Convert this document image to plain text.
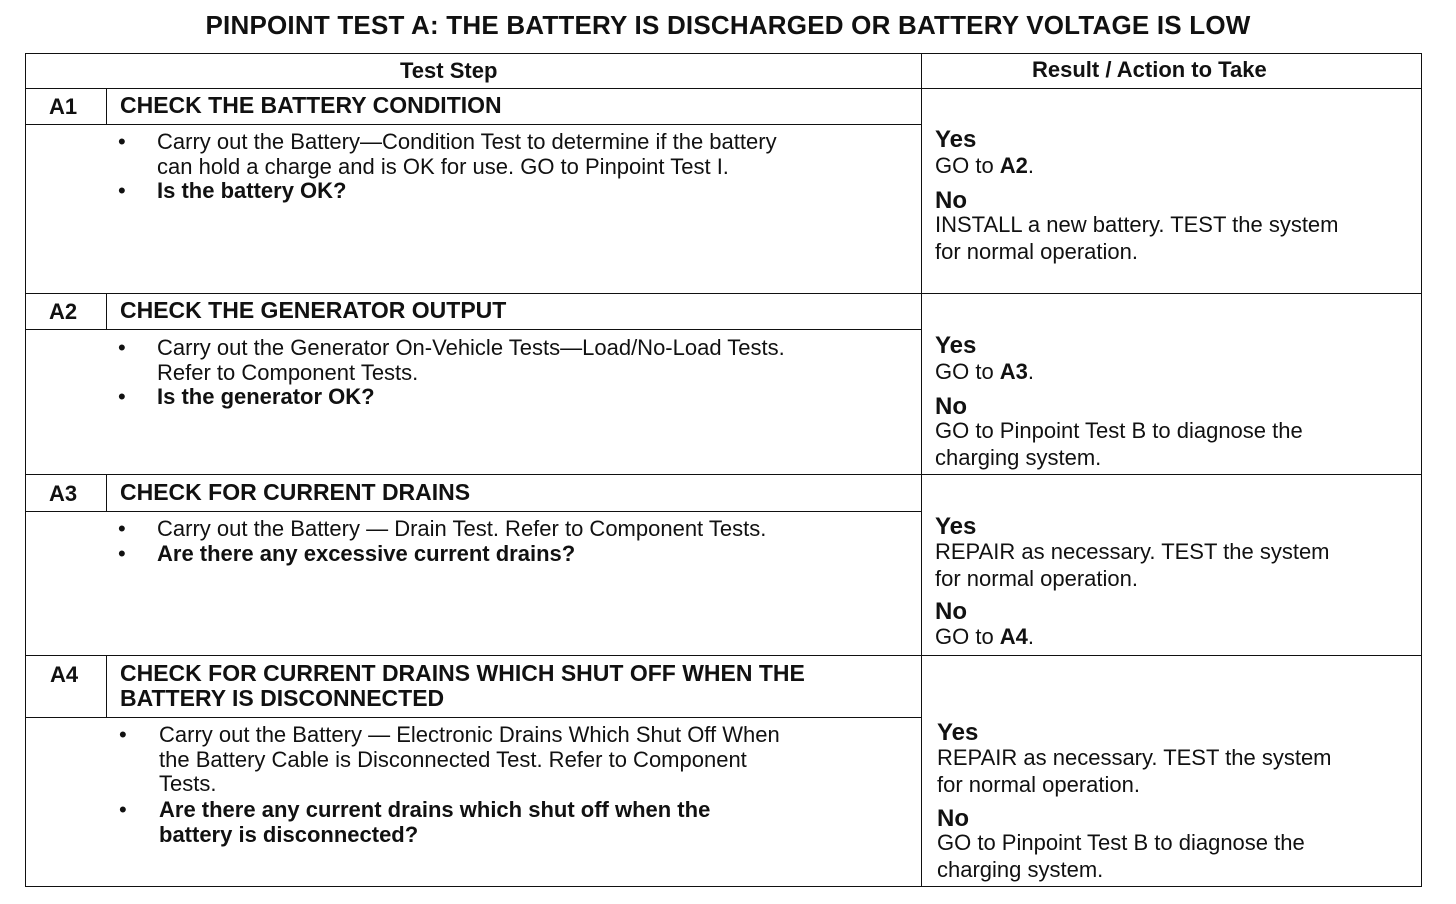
PINPOINT TEST A: THE BATTERY IS DISCHARGED OR BATTERY VOLTAGE IS LOW
Test Step	Result / Action to Take
A1 CHECK THE BATTERY CONDITION
• Carry out the Battery—Condition Test to determine if the battery
can hold a charge and is OK for use. GO to Pinpoint Test I.
• Is the battery OK?
Yes
GO to A2.
No
INSTALL a new battery. TEST the system
for normal operation.
A2 CHECK THE GENERATOR OUTPUT
• Carry out the Generator On-Vehicle Tests—Load/No-Load Tests.
Refer to Component Tests.
• Is the generator OK?
Yes
GO to A3.
No
GO to Pinpoint Test B to diagnose the
charging system.
A3 CHECK FOR CURRENT DRAINS
• Carry out the Battery — Drain Test. Refer to Component Tests.
• Are there any excessive current drains?
Yes
REPAIR as necessary. TEST the system
for normal operation.
No
GO to A4.
A4 CHECK FOR CURRENT DRAINS WHICH SHUT OFF WHEN THE
BATTERY IS DISCONNECTED
• Carry out the Battery — Electronic Drains Which Shut Off When
the Battery Cable is Disconnected Test. Refer to Component
Tests.
• Are there any current drains which shut off when the
battery is disconnected?
Yes
REPAIR as necessary. TEST the system
for normal operation.
No
GO to Pinpoint Test B to diagnose the
charging system.
